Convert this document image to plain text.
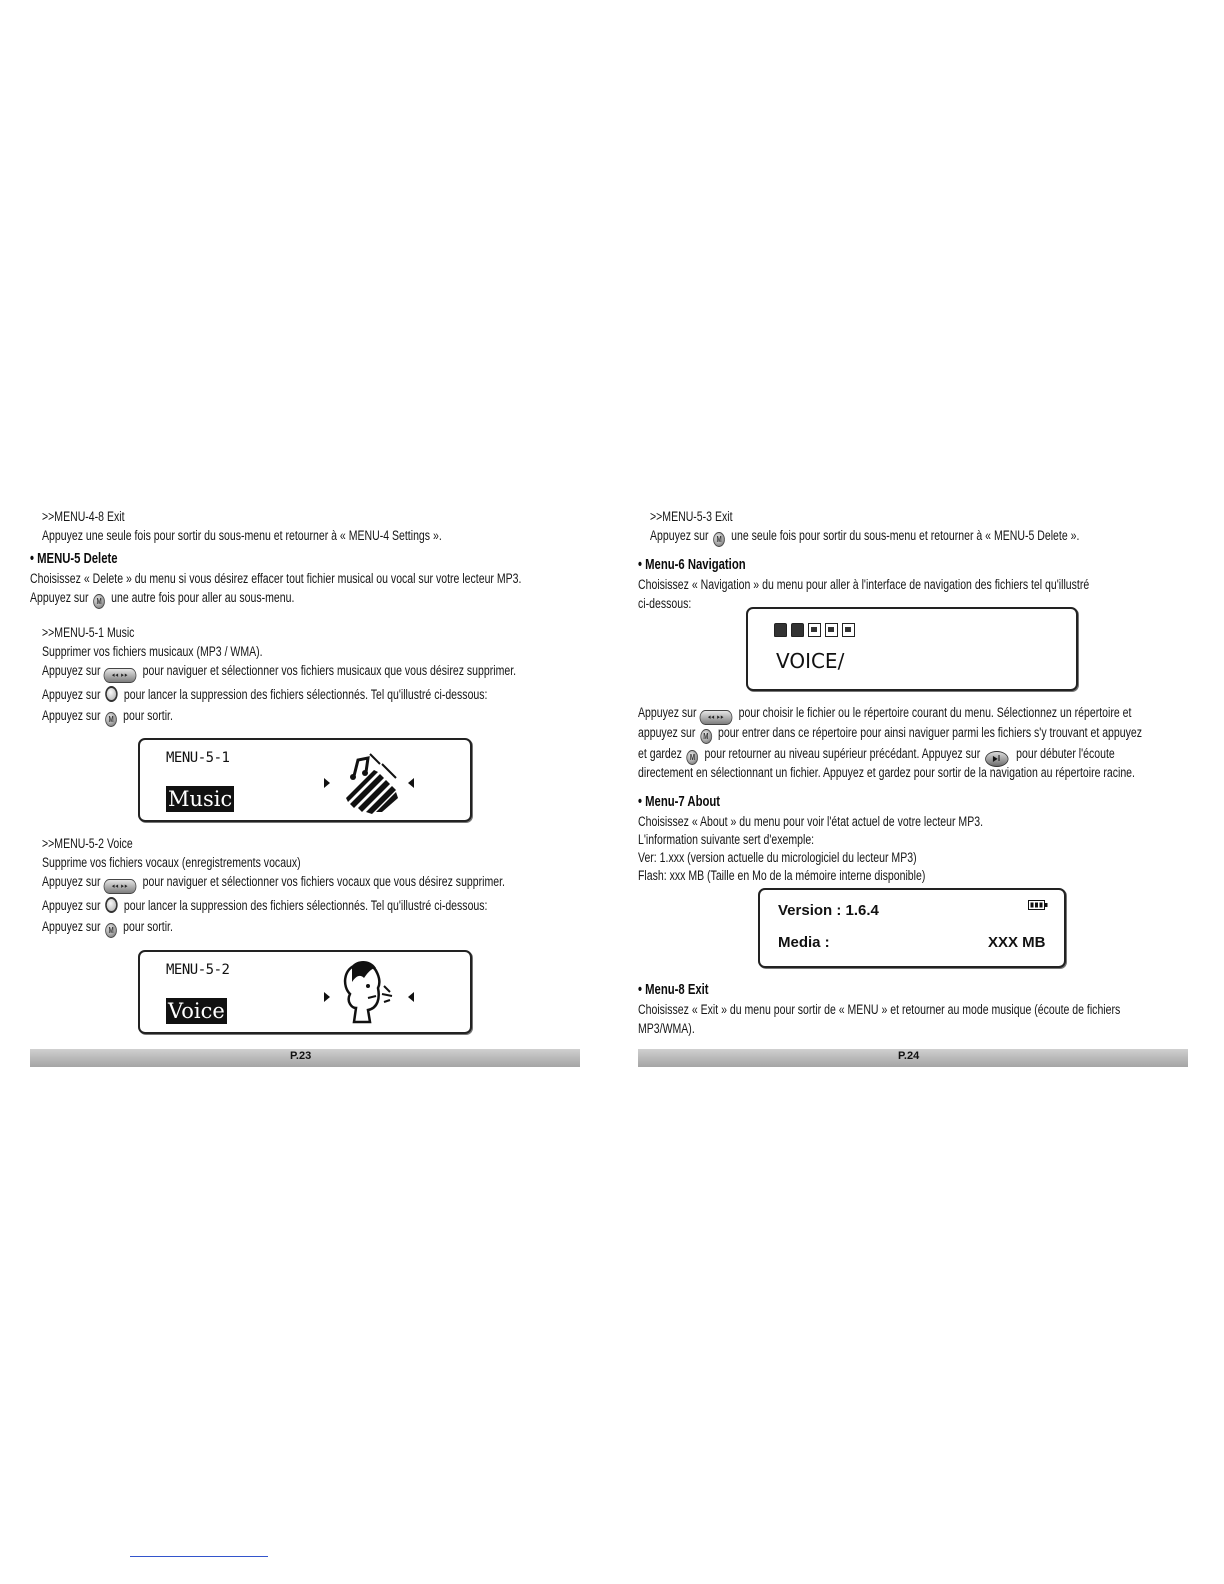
>>MENU-4-8 Exit
Appuyez une seule fois pour sortir du sous-menu et retourner à « MENU-4 Settings ».
• MENU-5 Delete
Choisissez « Delete » du menu si vous désirez effacer tout fichier musical ou vocal sur votre lecteur MP3.
Appuyez sur M une autre fois pour aller au sous-menu.
>>MENU-5-1 Music
Supprimer vos fichiers musicaux (MP3 / WMA).
Appuyez sur ◂◂ ▸▸ pour naviguer et sélectionner vos fichiers musicaux que vous désirez supprimer.
Appuyez sur pour lancer la suppression des fichiers sélectionnés. Tel qu'illustré ci-dessous:
Appuyez sur M pour sortir.
MENU-5-1
Music
>>MENU-5-2 Voice
Supprime vos fichiers vocaux (enregistrements vocaux)
Appuyez sur ◂◂ ▸▸ pour naviguer et sélectionner vos fichiers vocaux que vous désirez supprimer.
Appuyez sur pour lancer la suppression des fichiers sélectionnés. Tel qu'illustré ci-dessous:
Appuyez sur M pour sortir.
MENU-5-2
Voice
P.23
>>MENU-5-3 Exit
Appuyez sur M une seule fois pour sortir du sous-menu et retourner à « MENU-5 Delete ».
• Menu-6 Navigation
Choisissez « Navigation » du menu pour aller à l'interface de navigation des fichiers tel qu'illustré
ci-dessous:
VOICE/
Appuyez sur ◂◂ ▸▸ pour choisir le fichier ou le répertoire courant du menu. Sélectionnez un répertoire et
appuyez sur M pour entrer dans ce répertoire pour ainsi naviguer parmi les fichiers s'y trouvant et appuyez
et gardez M pour retourner au niveau supérieur précédant. Appuyez sur ▶‖ pour débuter l'écoute
directement en sélectionnant un fichier. Appuyez et gardez pour sortir de la navigation au répertoire racine.
• Menu-7 About
Choisissez « About » du menu pour voir l'état actuel de votre lecteur MP3.
L'information suivante sert d'exemple:
Ver: 1.xxx (version actuelle du micrologiciel du lecteur MP3)
Flash: xxx MB (Taille en Mo de la mémoire interne disponible)
Version : 1.6.4
Media :	XXX MB
• Menu-8 Exit
Choisissez « Exit » du menu pour sortir de « MENU » et retourner au mode musique (écoute de fichiers
MP3/WMA).
P.24
